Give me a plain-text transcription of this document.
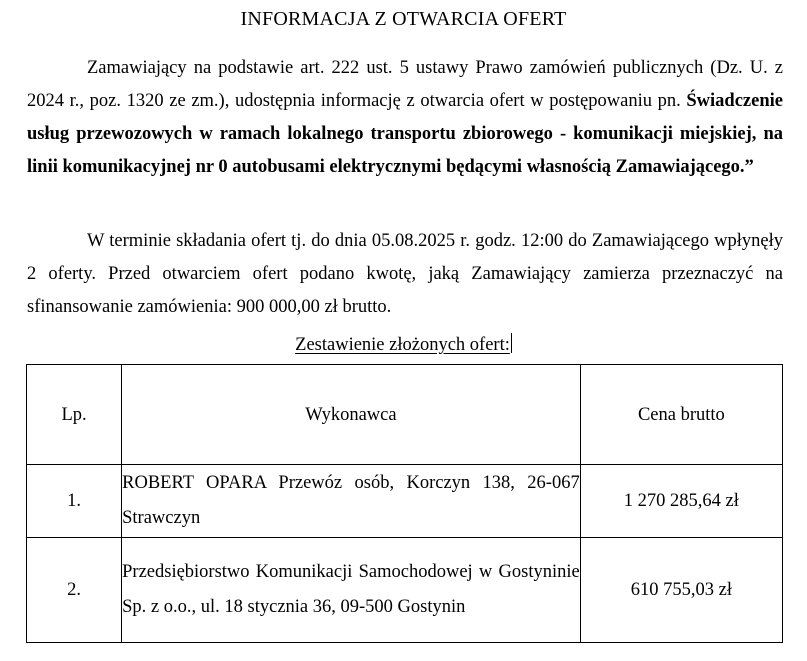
INFORMACJA Z OTWARCIA OFERT

Zamawiający na podstawie art. 222 ust. 5 ustawy Prawo zamówień publicznych (Dz. U. z 2024 r., poz. 1320 ze zm.), udostępnia informację z otwarcia ofert w postępowaniu pn. Świadczenie usług przewozowych w ramach lokalnego transportu zbiorowego - komunikacji miejskiej, na linii komunikacyjnej nr 0 autobusami elektrycznymi będącymi własnością Zamawiającego.”

W terminie składania ofert tj. do dnia 05.08.2025 r. godz. 12:00 do Zamawiającego wpłynęły 2 oferty. Przed otwarciem ofert podano kwotę, jaką Zamawiający zamierza przeznaczyć na sfinansowanie zamówienia: 900 000,00 zł brutto.

Zestawienie złożonych ofert:
Lp.	Wykonawca	Cena brutto
1.	ROBERT OPARA Przewóz osób, Korczyn 138, 26-067 Strawczyn	1 270 285,64 zł
2.	Przedsiębiorstwo Komunikacji Samochodowej w Gostyninie Sp. z o.o., ul. 18 stycznia 36, 09-500 Gostynin	610 755,03 zł
